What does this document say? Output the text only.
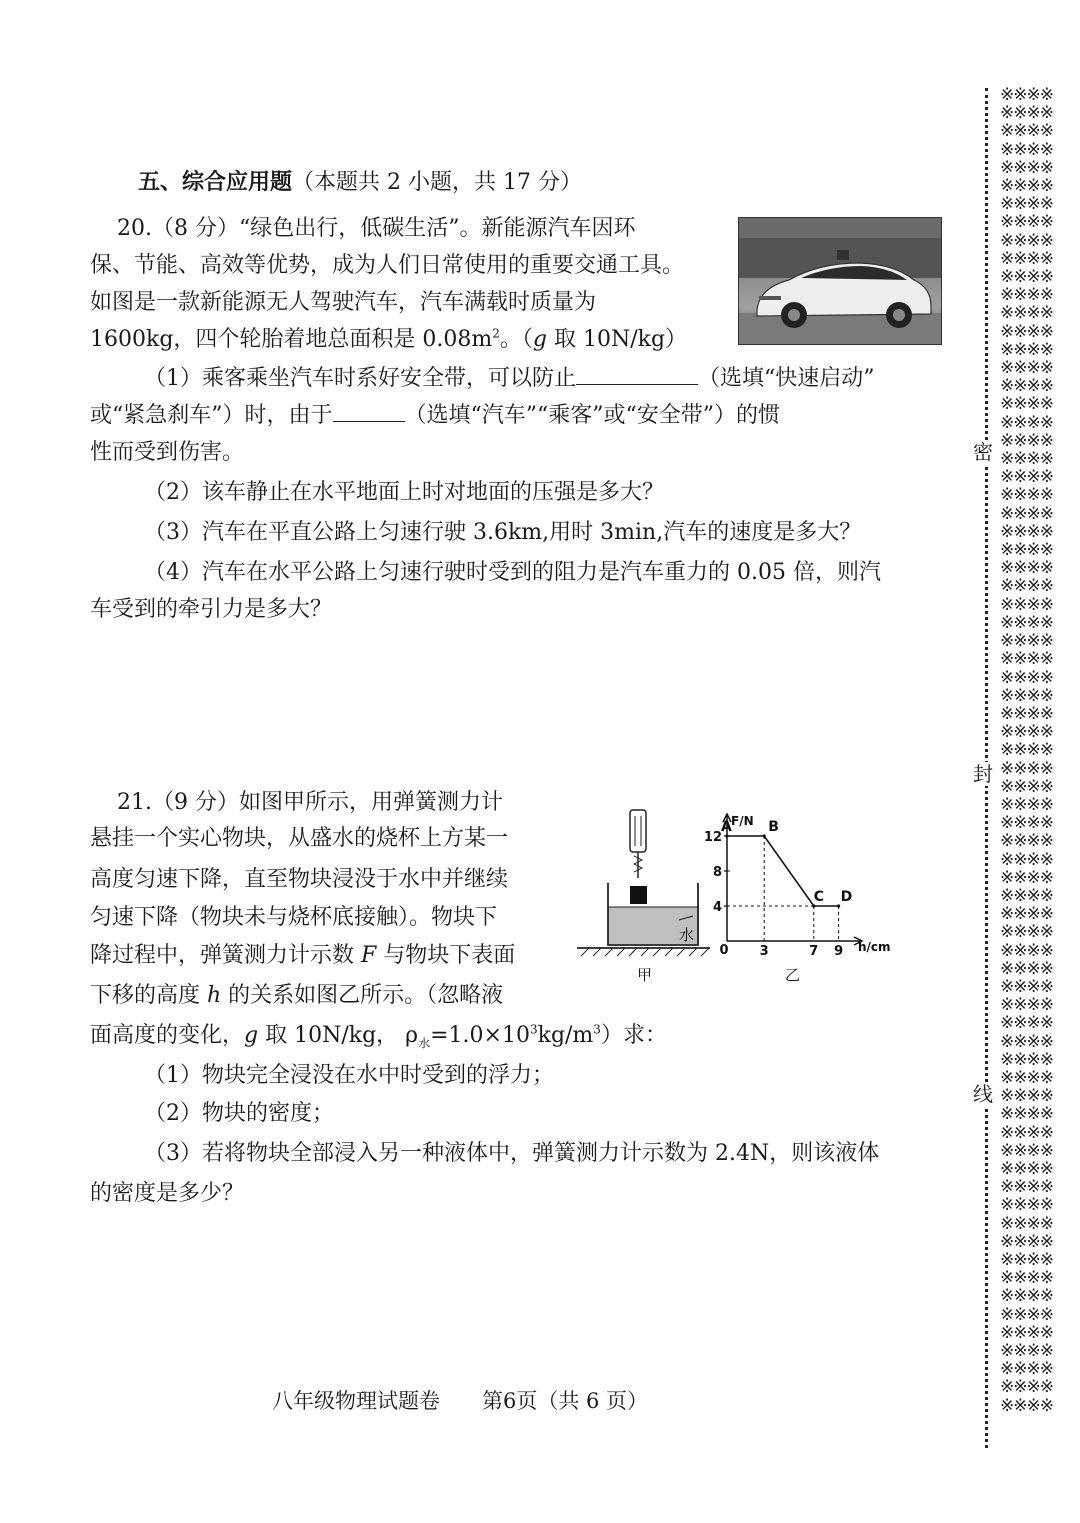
五、综合应用题（本题共 2 小题，共 17 分）

20.（8 分）“绿色出行，低碳生活”。新能源汽车因环

保、节能、高效等优势，成为人们日常使用的重要交通工具。

如图是一款新能源无人驾驶汽车，汽车满载时质量为

1600kg，四个轮胎着地总面积是 $0.08m^2$。（g 取 10N/kg）

（1）乘客乘坐汽车时系好安全带，可以防止	（选填“快速启动”

或“紧急刹车”）时，由于	（选填“汽车”“乘客”或“安全带”）的惯

性而受到伤害。

（2）该车静止在水平地面上时对地面的压强是多大？

（3）汽车在平直公路上匀速行驶 3.6km,用时 3min,汽车的速度是多大？

（4）汽车在水平公路上匀速行驶时受到的阻力是汽车重力的 0.05 倍，则汽

车受到的牵引力是多大？

21.（9 分）如图甲所示，用弹簧测力计

悬挂一个实心物块，从盛水的烧杯上方某一

高度匀速下降，直至物块浸没于水中并继续

匀速下降（物块未与烧杯底接触）。物块下

降过程中，弹簧测力计示数 F 与物块下表面

下移的高度 h 的关系如图乙所示。（忽略液

面高度的变化，g 取 10N/kg， $\rho_水=1.0\times 10^3kg/m^3$）求：

（1）物块完全浸没在水中时受到的浮力；

（2）物块的密度；

（3）若将物块全部浸入另一种液体中，弹簧测力计示数为 2.4N，则该液体

的密度是多少？

水
甲
F/N
h/cm
0
A	B
C D
12
8
4
3	7 9
乙
八年级物理试题卷　　 第6页（共 6 页）
密
封
线
※※※※
※※※※
※※※※
※※※※
※※※※
※※※※
※※※※
※※※※
※※※※
※※※※
※※※※
※※※※
※※※※
※※※※
※※※※
※※※※
※※※※
※※※※
※※※※
※※※※
※※※※
※※※※
※※※※
※※※※
※※※※
※※※※
※※※※
※※※※
※※※※
※※※※
※※※※
※※※※
※※※※
※※※※
※※※※
※※※※
※※※※
※※※※
※※※※
※※※※
※※※※
※※※※
※※※※
※※※※
※※※※
※※※※
※※※※
※※※※
※※※※
※※※※
※※※※
※※※※
※※※※
※※※※
※※※※
※※※※
※※※※
※※※※
※※※※
※※※※
※※※※
※※※※
※※※※
※※※※
※※※※
※※※※
※※※※
※※※※
※※※※
※※※※
※※※※
※※※※
※※※※
